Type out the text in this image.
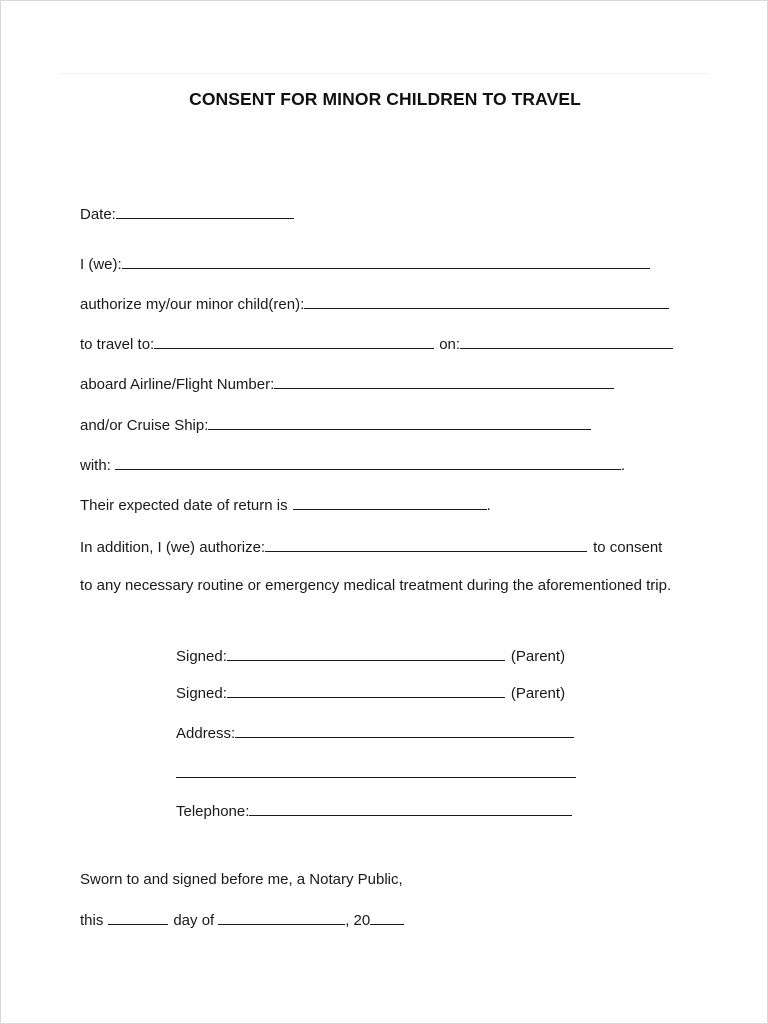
CONSENT FOR MINOR CHILDREN TO TRAVEL
Date:
I (we):
authorize my/our minor child(ren):
to travel to:	on:
aboard Airline/Flight Number:
and/or Cruise Ship:
with:	.
Their expected date of return is	.
In addition, I (we) authorize:	to consent
to any necessary routine or emergency medical treatment during the aforementioned trip.
Signed:	(Parent)
Signed:	(Parent)
Address:
Telephone:
Sworn to and signed before me, a Notary Public,
this	day of	, 20
